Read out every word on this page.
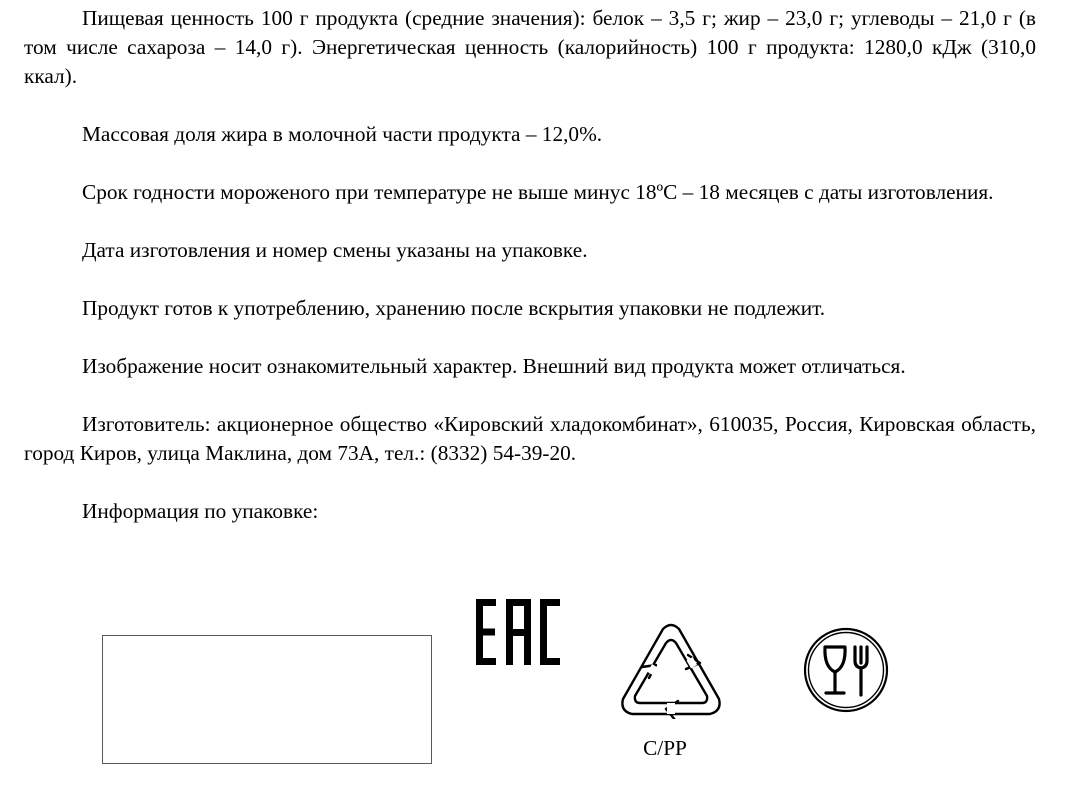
Пищевая ценность 100 г продукта (средние значения): белок – 3,5 г; жир – 23,0 г; углеводы – 21,0 г (в том числе сахароза – 14,0 г). Энергетическая ценность (калорийность) 100 г продукта: 1280,0 кДж (310,0 ккал).

Массовая доля жира в молочной части продукта – 12,0%.

Срок годности мороженого при температуре не выше минус 18ºС – 18 месяцев с даты изготовления.

Дата изготовления и номер смены указаны на упаковке.

Продукт готов к употреблению, хранению после вскрытия упаковки не подлежит.

Изображение носит ознакомительный характер. Внешний вид продукта может отличаться.

Изготовитель: акционерное общество «Кировский хладокомбинат», 610035, Россия, Кировская область, город Киров, улица Маклина, дом 73А, тел.: (8332) 54-39-20.

Информация по упаковке:

C/PP
